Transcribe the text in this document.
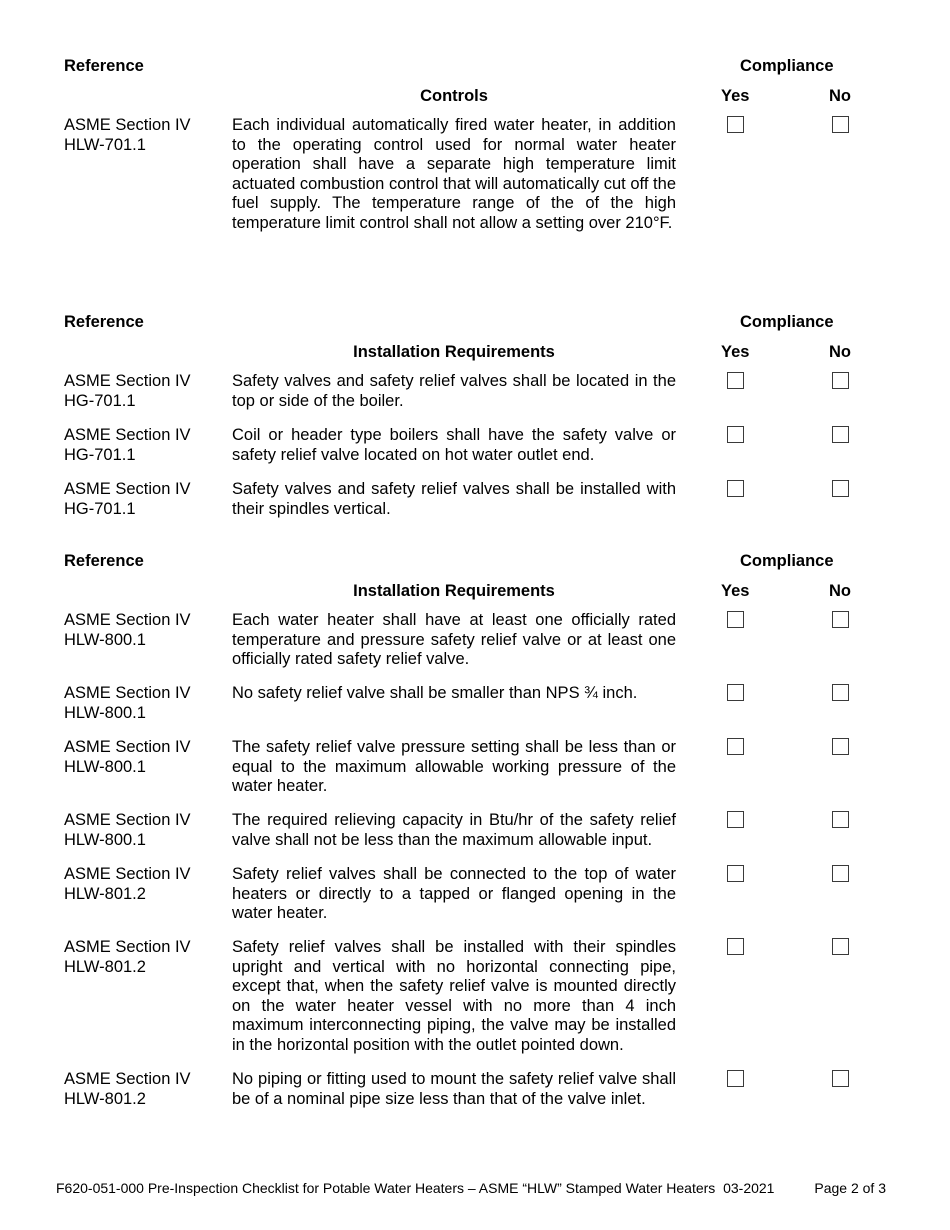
Reference	Compliance
Controls	Yes	No
ASME Section IV
HLW-701.1
Each individual automatically fired water heater, in addition to the operating control used for normal water heater operation shall have a separate high temperature limit actuated combustion control that will automatically cut off the fuel supply. The temperature range of the of the high temperature limit control shall not allow a setting over 210°F.
Reference	Compliance
Installation Requirements	Yes	No
ASME Section IV
HG-701.1
Safety valves and safety relief valves shall be located in the top or side of the boiler.
ASME Section IV
HG-701.1
Coil or header type boilers shall have the safety valve or safety relief valve located on hot water outlet end.
ASME Section IV
HG-701.1
Safety valves and safety relief valves shall be installed with their spindles vertical.
Reference	Compliance
Installation Requirements	Yes	No
ASME Section IV
HLW-800.1
Each water heater shall have at least one officially rated temperature and pressure safety relief valve or at least one officially rated safety relief valve.
ASME Section IV
HLW-800.1
No safety relief valve shall be smaller than NPS ¾ inch.
ASME Section IV
HLW-800.1
The safety relief valve pressure setting shall be less than or equal to the maximum allowable working pressure of the water heater.
ASME Section IV
HLW-800.1
The required relieving capacity in Btu/hr of the safety relief valve shall not be less than the maximum allowable input.
ASME Section IV
HLW-801.2
Safety relief valves shall be connected to the top of water heaters or directly to a tapped or flanged opening in the water heater.
ASME Section IV
HLW-801.2
Safety relief valves shall be installed with their spindles upright and vertical with no horizontal connecting pipe, except that, when the safety relief valve is mounted directly on the water heater vessel with no more than 4 inch maximum interconnecting piping, the valve may be installed in the horizontal position with the outlet pointed down.
ASME Section IV
HLW-801.2
No piping or fitting used to mount the safety relief valve shall be of a nominal pipe size less than that of the valve inlet.
F620-051-000 Pre-Inspection Checklist for Potable Water Heaters – ASME “HLW” Stamped Water Heaters  03-2021	Page 2 of 3
